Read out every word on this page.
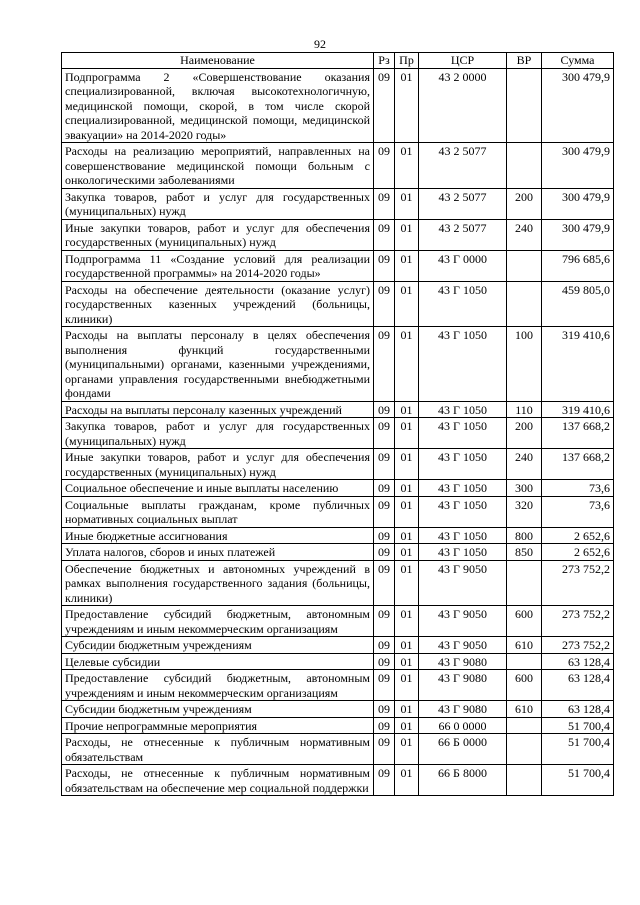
92
Наименование	Рз	Пр	ЦСР	ВР	Сумма
Подпрограмма 2 «Совершенствование оказания специализированной, включая высокотехнологичную, медицинской помощи, скорой, в том числе скорой специализированной, медицинской помощи, медицинской эвакуации» на 2014-2020 годы»	09	01	43 2 0000		300 479,9
Расходы на реализацию мероприятий, направленных на совершенствование медицинской помощи больным с онкологическими заболеваниями	09	01	43 2 5077		300 479,9
Закупка товаров, работ и услуг для государственных (муниципальных) нужд	09	01	43 2 5077	200	300 479,9
Иные закупки товаров, работ и услуг для обеспечения государственных (муниципальных) нужд	09	01	43 2 5077	240	300 479,9
Подпрограмма 11 «Создание условий для реализации государственной программы» на 2014-2020 годы»	09	01	43 Г 0000		796 685,6
Расходы на обеспечение деятельности (оказание услуг) государственных казенных учреждений (больницы, клиники)	09	01	43 Г 1050		459 805,0
Расходы на выплаты персоналу в целях обеспечения выполнения функций государственными (муниципальными) органами, казенными учреждениями, органами управления государственными внебюджетными фондами	09	01	43 Г 1050	100	319 410,6
Расходы на выплаты персоналу казенных учреждений	09	01	43 Г 1050	110	319 410,6
Закупка товаров, работ и услуг для государственных (муниципальных) нужд	09	01	43 Г 1050	200	137 668,2
Иные закупки товаров, работ и услуг для обеспечения государственных (муниципальных) нужд	09	01	43 Г 1050	240	137 668,2
Социальное обеспечение и иные выплаты населению	09	01	43 Г 1050	300	73,6
Социальные выплаты гражданам, кроме публичных нормативных социальных выплат	09	01	43 Г 1050	320	73,6
Иные бюджетные ассигнования	09	01	43 Г 1050	800	2 652,6
Уплата налогов, сборов и иных платежей	09	01	43 Г 1050	850	2 652,6
Обеспечение бюджетных и автономных учреждений в рамках выполнения государственного задания (больницы, клиники)	09	01	43 Г 9050		273 752,2
Предоставление субсидий бюджетным, автономным учреждениям и иным некоммерческим организациям	09	01	43 Г 9050	600	273 752,2
Субсидии бюджетным учреждениям	09	01	43 Г 9050	610	273 752,2
Целевые субсидии	09	01	43 Г 9080		63 128,4
Предоставление субсидий бюджетным, автономным учреждениям и иным некоммерческим организациям	09	01	43 Г 9080	600	63 128,4
Субсидии бюджетным учреждениям	09	01	43 Г 9080	610	63 128,4
Прочие непрограммные мероприятия	09	01	66 0 0000		51 700,4
Расходы, не отнесенные к публичным нормативным обязательствам	09	01	66 Б 0000		51 700,4
Расходы, не отнесенные к публичным нормативным обязательствам на обеспечение мер социальной поддержки	09	01	66 Б 8000		51 700,4
